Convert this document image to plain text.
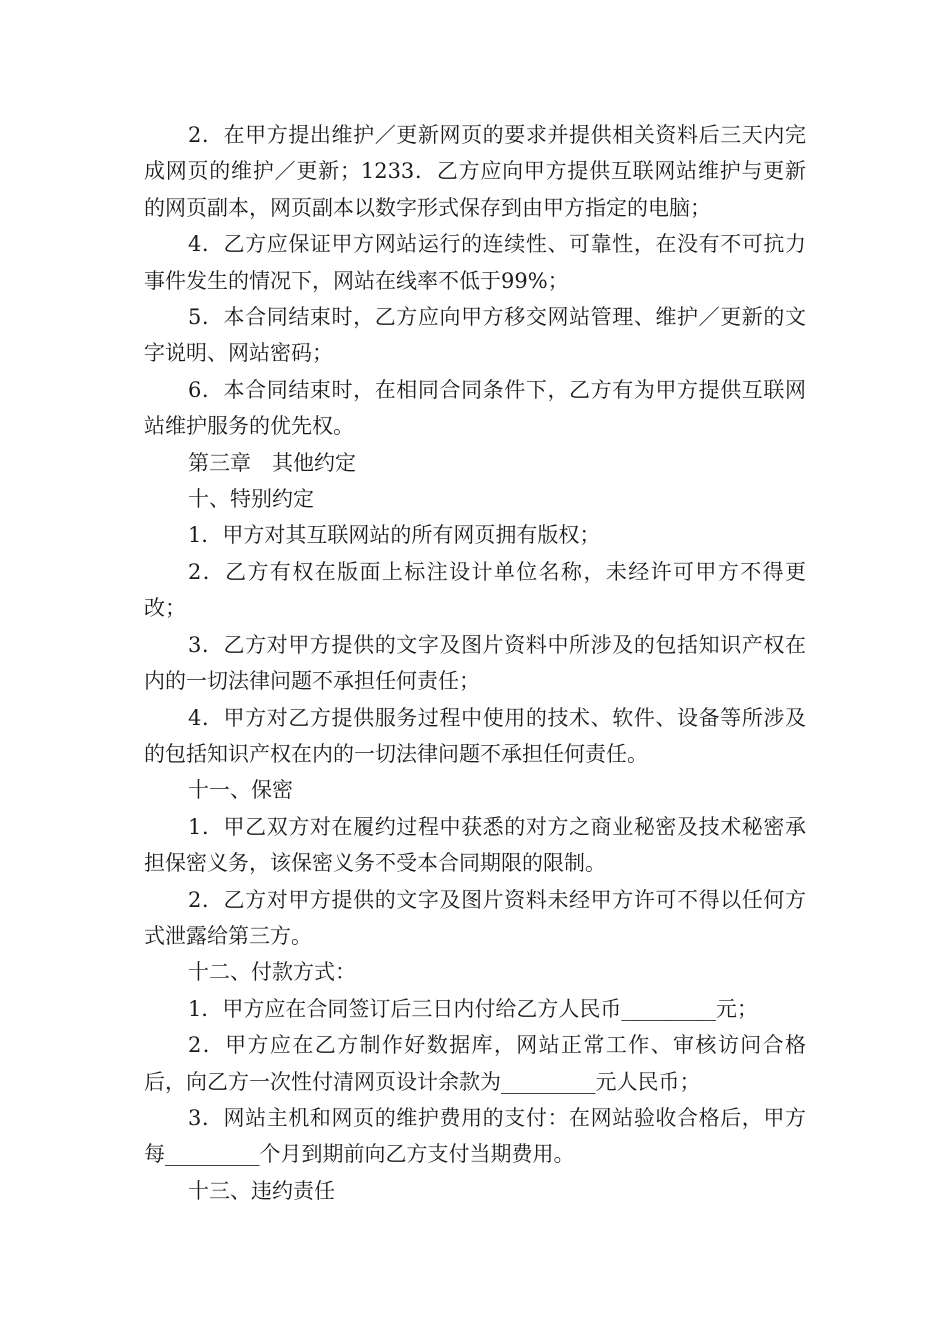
2．在甲方提出维护／更新网页的要求并提供相关资料后三天内完成网页的维护／更新；1233．乙方应向甲方提供互联网站维护与更新的网页副本，网页副本以数字形式保存到由甲方指定的电脑；

4．乙方应保证甲方网站运行的连续性、可靠性，在没有不可抗力事件发生的情况下，网站在线率不低于99%；

5．本合同结束时，乙方应向甲方移交网站管理、维护／更新的文字说明、网站密码；

6．本合同结束时，在相同合同条件下，乙方有为甲方提供互联网站维护服务的优先权。

第三章　其他约定

十、特别约定

1．甲方对其互联网站的所有网页拥有版权；

2．乙方有权在版面上标注设计单位名称，未经许可甲方不得更改；

3．乙方对甲方提供的文字及图片资料中所涉及的包括知识产权在内的一切法律问题不承担任何责任；

4．甲方对乙方提供服务过程中使用的技术、软件、设备等所涉及的包括知识产权在内的一切法律问题不承担任何责任。

十一、保密

1．甲乙双方对在履约过程中获悉的对方之商业秘密及技术秘密承担保密义务，该保密义务不受本合同期限的限制。

2．乙方对甲方提供的文字及图片资料未经甲方许可不得以任何方式泄露给第三方。

十二、付款方式：

1．甲方应在合同签订后三日内付给乙方人民币_________元；

2．甲方应在乙方制作好数据库，网站正常工作、审核访问合格后，向乙方一次性付清网页设计余款为_________元人民币；

3．网站主机和网页的维护费用的支付：在网站验收合格后，甲方每_________个月到期前向乙方支付当期费用。

十三、违约责任
